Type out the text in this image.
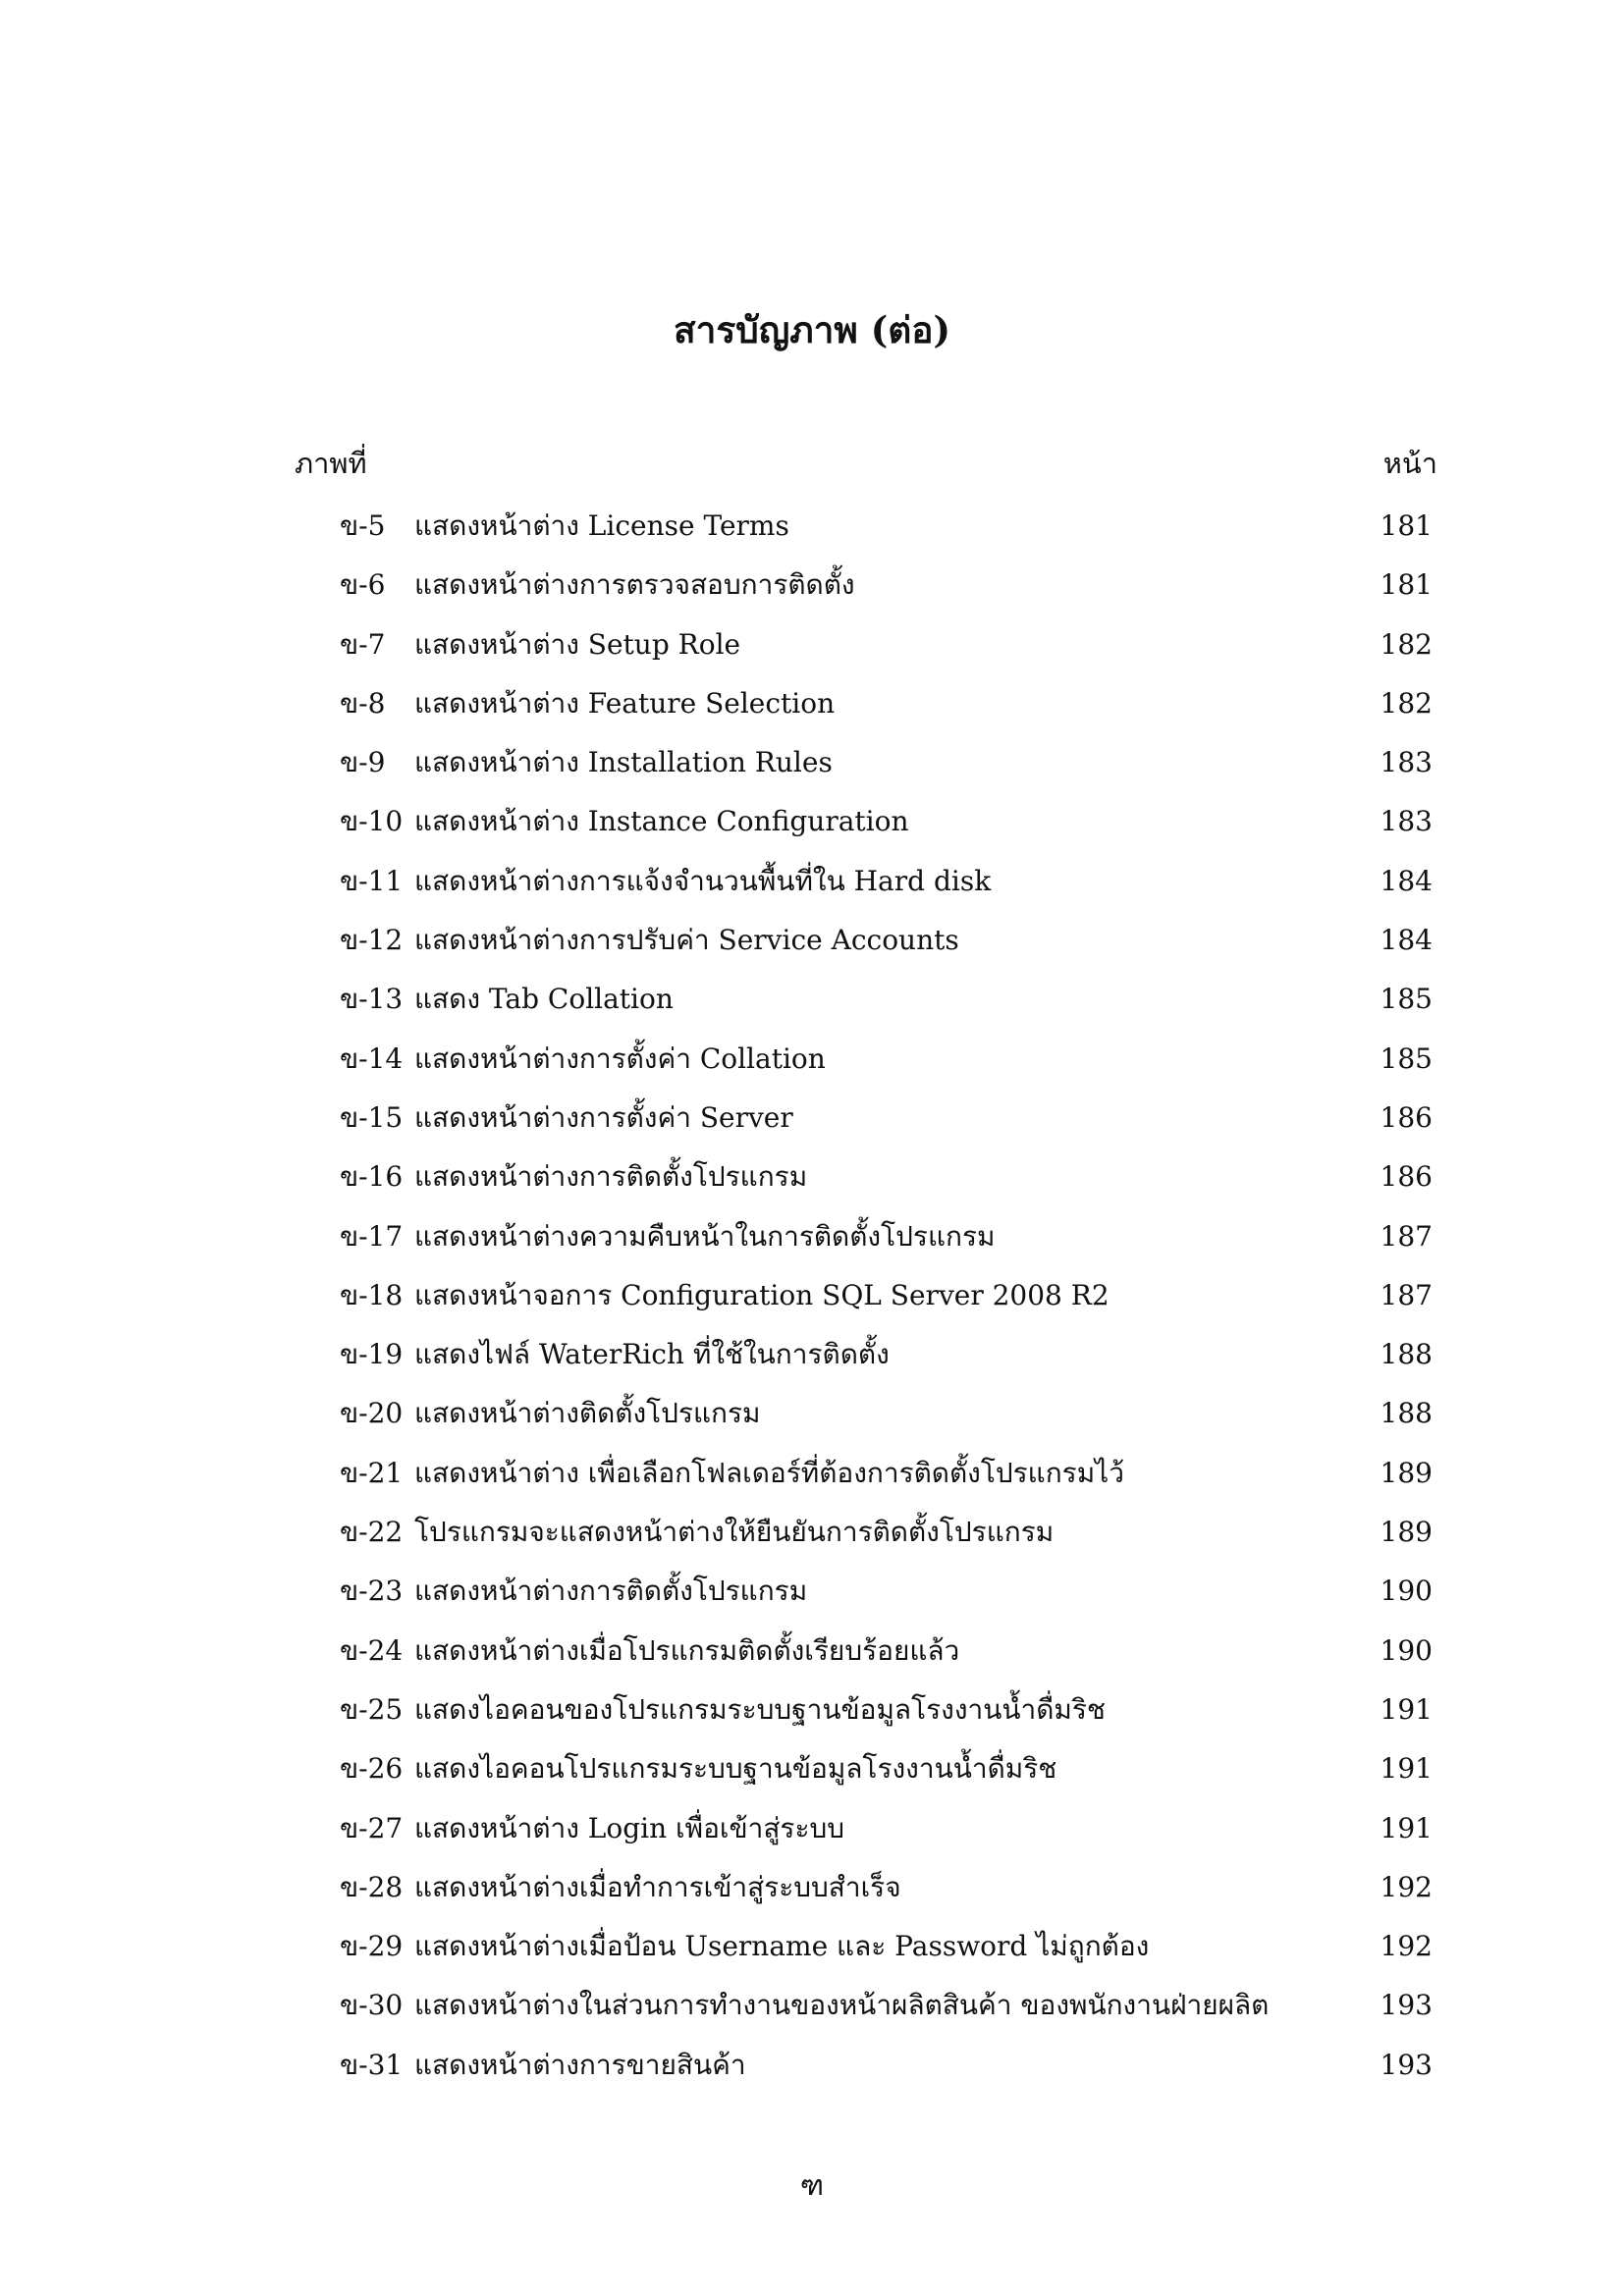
สารบัญภาพ (ต่อ)
ภาพที่	หน้า
ข-5 แสดงหน้าต่าง License Terms	181
ข-6 แสดงหน้าต่างการตรวจสอบการติดตั้ง	181
ข-7 แสดงหน้าต่าง Setup Role	182
ข-8 แสดงหน้าต่าง Feature Selection	182
ข-9 แสดงหน้าต่าง Installation Rules	183
ข-10 แสดงหน้าต่าง Instance Configuration	183
ข-11 แสดงหน้าต่างการแจ้งจำนวนพื้นที่ใน Hard disk	184
ข-12 แสดงหน้าต่างการปรับค่า Service Accounts	184
ข-13 แสดง Tab Collation	185
ข-14 แสดงหน้าต่างการตั้งค่า Collation	185
ข-15 แสดงหน้าต่างการตั้งค่า Server	186
ข-16 แสดงหน้าต่างการติดตั้งโปรแกรม	186
ข-17 แสดงหน้าต่างความคืบหน้าในการติดตั้งโปรแกรม	187
ข-18 แสดงหน้าจอการ Configuration SQL Server 2008 R2	187
ข-19 แสดงไฟล์ WaterRich ที่ใช้ในการติดตั้ง	188
ข-20 แสดงหน้าต่างติดตั้งโปรแกรม	188
ข-21 แสดงหน้าต่าง เพื่อเลือกโฟลเดอร์ที่ต้องการติดตั้งโปรแกรมไว้	189
ข-22 โปรแกรมจะแสดงหน้าต่างให้ยืนยันการติดตั้งโปรแกรม	189
ข-23 แสดงหน้าต่างการติดตั้งโปรแกรม	190
ข-24 แสดงหน้าต่างเมื่อโปรแกรมติดตั้งเรียบร้อยแล้ว	190
ข-25 แสดงไอคอนของโปรแกรมระบบฐานข้อมูลโรงงานน้ำดื่มริช	191
ข-26 แสดงไอคอนโปรแกรมระบบฐานข้อมูลโรงงานน้ำดื่มริช	191
ข-27 แสดงหน้าต่าง Login เพื่อเข้าสู่ระบบ	191
ข-28 แสดงหน้าต่างเมื่อทำการเข้าสู่ระบบสำเร็จ	192
ข-29 แสดงหน้าต่างเมื่อป้อน Username และ Password ไม่ถูกต้อง	192
ข-30 แสดงหน้าต่างในส่วนการทำงานของหน้าผลิตสินค้า ของพนักงานฝ่ายผลิต	193
ข-31 แสดงหน้าต่างการขายสินค้า	193
ฑ
